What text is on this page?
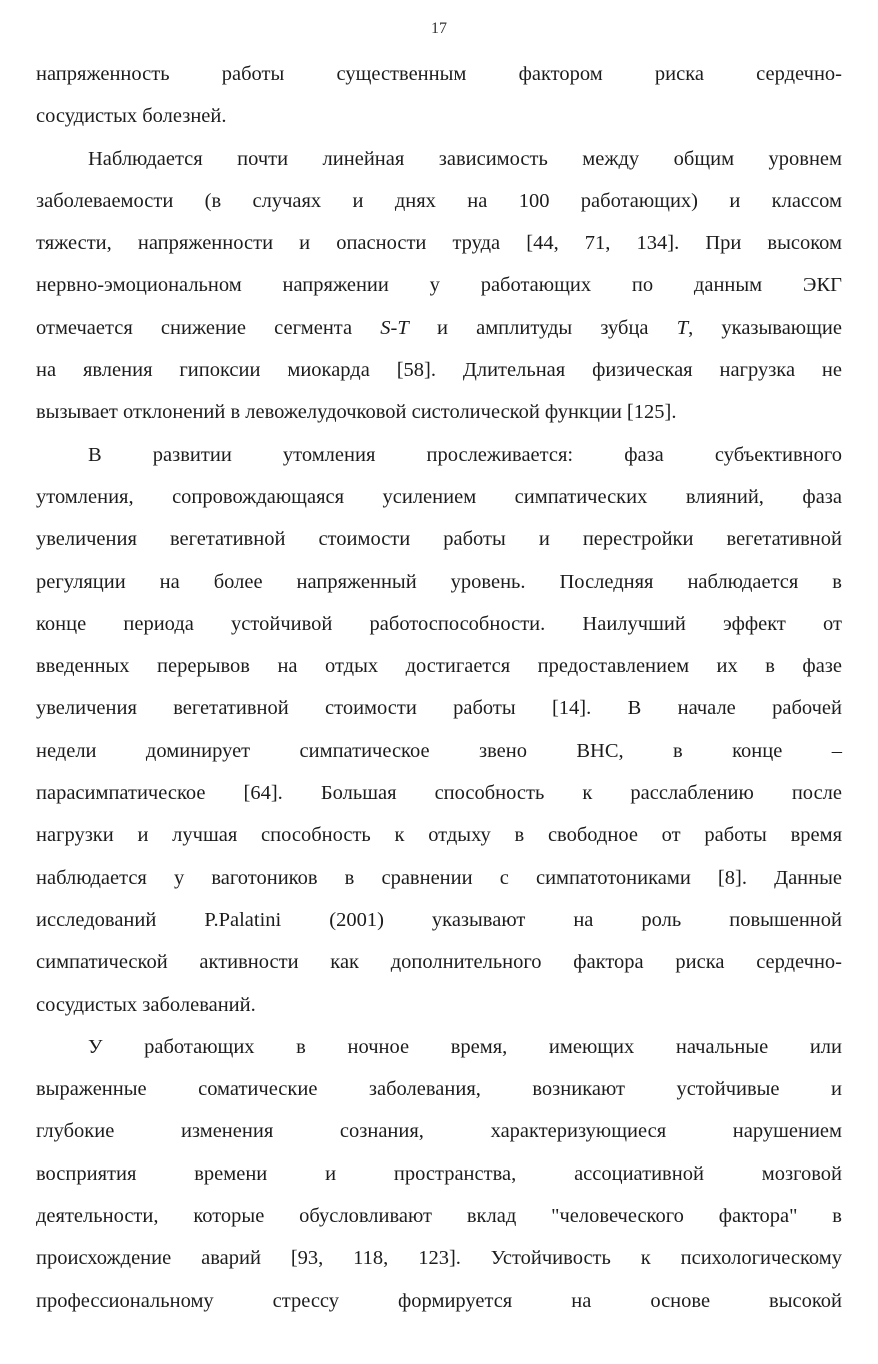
17
напряженность работы существенным фактором риска сердечно-
сосудистых болезней.
Наблюдается почти линейная зависимость между общим уровнем
заболеваемости (в случаях и днях на 100 работающих) и классом
тяжести, напряженности и опасности труда [44, 71, 134]. При высоком
нервно-эмоциональном напряжении у работающих по данным ЭКГ
отмечается снижение сегмента S-T и амплитуды зубца T, указывающие
на явления гипоксии миокарда [58]. Длительная физическая нагрузка не
вызывает отклонений в левожелудочковой систолической функции [125].
В развитии утомления прослеживается: фаза субъективного
утомления, сопровождающаяся усилением симпатических влияний, фаза
увеличения вегетативной стоимости работы и перестройки вегетативной
регуляции на более напряженный уровень. Последняя наблюдается в
конце периода устойчивой работоспособности. Наилучший эффект от
введенных перерывов на отдых достигается предоставлением их в фазе
увеличения вегетативной стоимости работы [14]. В начале рабочей
недели доминирует симпатическое звено ВНС, в конце –
парасимпатическое [64]. Большая способность к расслаблению после
нагрузки и лучшая способность к отдыху в свободное от работы время
наблюдается у ваготоников в сравнении с симпатотониками [8]. Данные
исследований P.Palatini (2001) указывают на роль повышенной
симпатической активности как дополнительного фактора риска сердечно-
сосудистых заболеваний.
У работающих в ночное время, имеющих начальные или
выраженные соматические заболевания, возникают устойчивые и
глубокие изменения сознания, характеризующиеся нарушением
восприятия времени и пространства, ассоциативной мозговой
деятельности, которые обусловливают вклад "человеческого фактора" в
происхождение аварий [93, 118, 123]. Устойчивость к психологическому
профессиональному стрессу формируется на основе высокой
